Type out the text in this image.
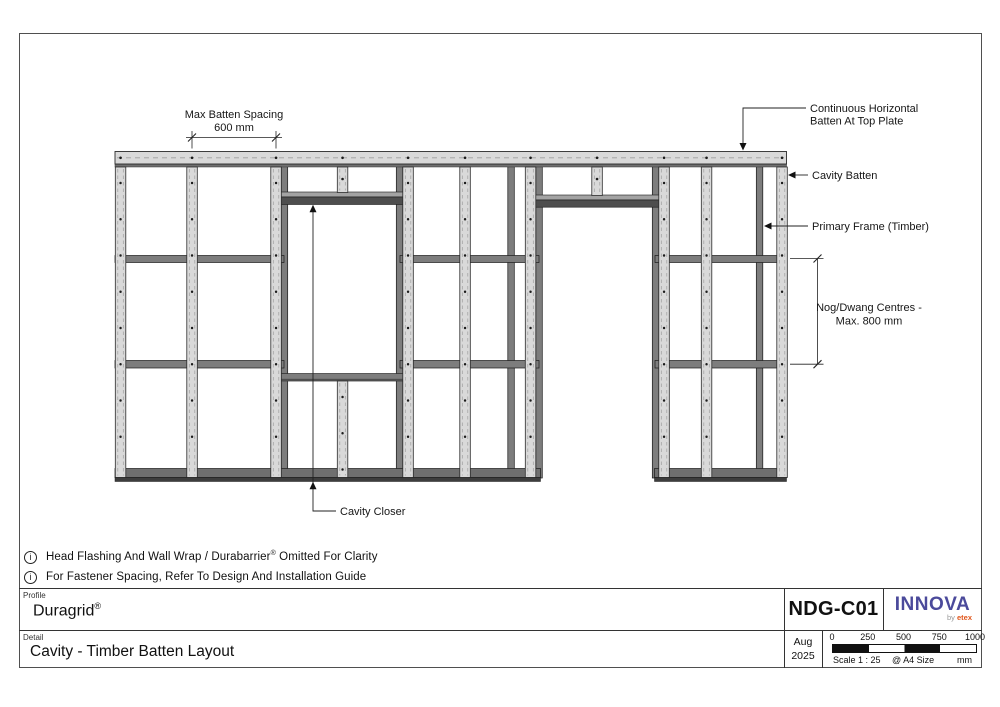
Max Batten Spacing
600 mm
Continuous Horizontal
Batten At Top Plate
Cavity Batten
Primary Frame (Timber)
Nog/Dwang Centres -
Max. 800 mm
Cavity Closer
i	Head Flashing And Wall Wrap / Durabarrier® Omitted For Clarity
i	For Fastener Spacing, Refer To Design And Installation Guide
Profile
Duragrid®
Detail
Cavity - Timber Batten Layout
NDG-C01 INNOVA
by etex
Aug
2025
0	250	500	750	1000
Scale 1 : 25 @ A4 Size	mm
